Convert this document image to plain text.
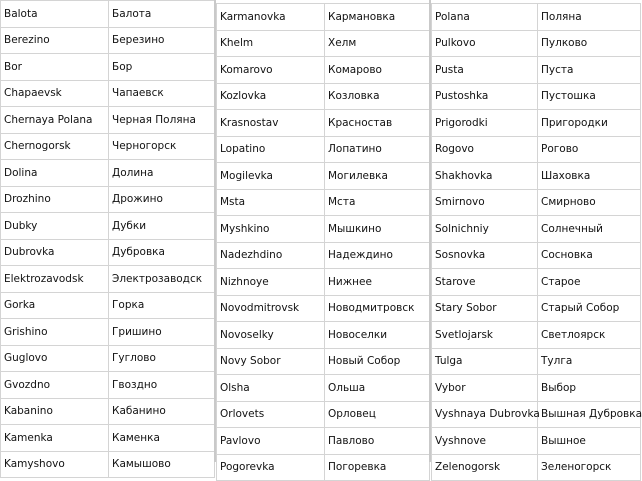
Balota	Балота
Berezino	Березино
Bor	Бор
Chapaevsk	Чапаевск
Chernaya Polana	Черная Поляна
Chernogorsk	Черногорск
Dolina	Долина
Drozhino	Дрожино
Dubky	Дубки
Dubrovka	Дубровка
Elektrozavodsk	Электрозаводск
Gorka	Горка
Grishino	Гришино
Guglovo	Гуглово
Gvozdno	Гвоздно
Kabanino	Кабанино
Kamenka	Каменка
Kamyshovo	Камышово
Karmanovka	Кармановка
Khelm	Хелм
Komarovo	Комарово
Kozlovka	Козловка
Krasnostav	Красностав
Lopatino	Лопатино
Mogilevka	Могилевка
Msta	Мста
Myshkino	Мышкино
Nadezhdino	Надеждино
Nizhnoye	Нижнее
Novodmitrovsk	Новодмитровск
Novoselky	Новоселки
Novy Sobor	Новый Собор
Olsha	Ольша
Orlovets	Орловец
Pavlovo	Павлово
Pogorevka	Погоревка
Polana	Поляна
Pulkovo	Пулково
Pusta	Пуста
Pustoshka	Пустошка
Prigorodki	Пригородки
Rogovo	Рогово
Shakhovka	Шаховка
Smirnovo	Смирново
Solnichniy	Солнечный
Sosnovka	Сосновка
Starove	Старое
Stary Sobor	Старый Собор
Svetlojarsk	Светлоярск
Tulga	Тулга
Vybor	Выбор
Vyshnaya Dubrovka	Вышная Дубровка
Vyshnove	Вышное
Zelenogorsk	Зеленогорск
